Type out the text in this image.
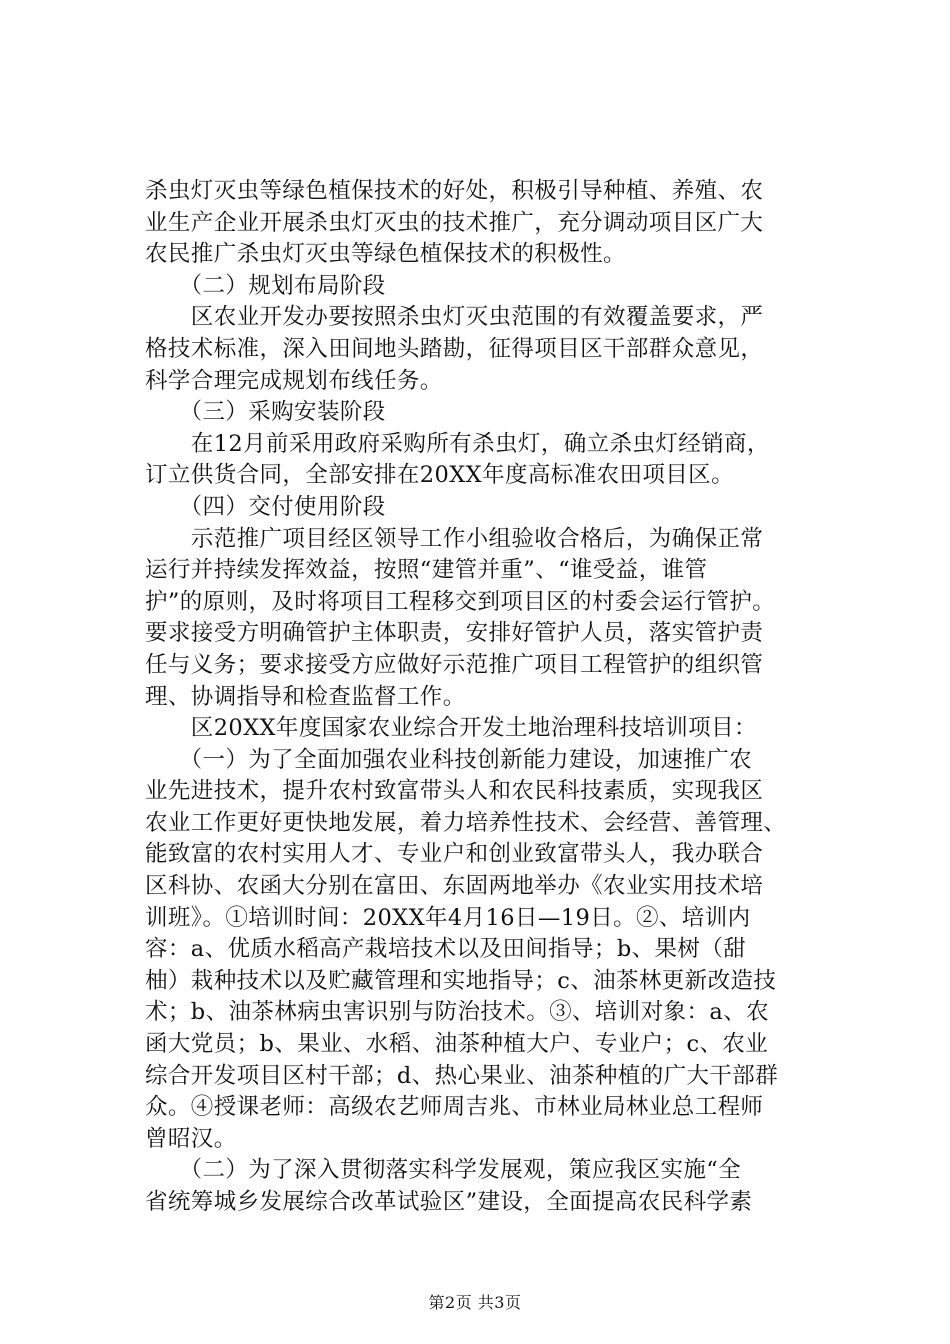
杀虫灯灭虫等绿色植保技术的好处，积极引导种植、养殖、农
业生产企业开展杀虫灯灭虫的技术推广，充分调动项目区广大
农民推广杀虫灯灭虫等绿色植保技术的积极性。
　　（二）规划布局阶段
　　区农业开发办要按照杀虫灯灭虫范围的有效覆盖要求，严
格技术标准，深入田间地头踏勘，征得项目区干部群众意见，
科学合理完成规划布线任务。
　　（三）采购安装阶段
　　在12月前采用政府采购所有杀虫灯，确立杀虫灯经销商，
订立供货合同，全部安排在20XX年度高标准农田项目区。
　　（四）交付使用阶段
　　示范推广项目经区领导工作小组验收合格后，为确保正常
运行并持续发挥效益，按照“建管并重”、“谁受益，谁管
护”的原则，及时将项目工程移交到项目区的村委会运行管护。
要求接受方明确管护主体职责，安排好管护人员，落实管护责
任与义务；要求接受方应做好示范推广项目工程管护的组织管
理、协调指导和检查监督工作。
　　区20XX年度国家农业综合开发土地治理科技培训项目：
　　（一）为了全面加强农业科技创新能力建设，加速推广农
业先进技术，提升农村致富带头人和农民科技素质，实现我区
农业工作更好更快地发展，着力培养性技术、会经营、善管理、
能致富的农村实用人才、专业户和创业致富带头人，我办联合
区科协、农函大分别在富田、东固两地举办《农业实用技术培
训班》。①培训时间：20XX年4月16日—19日。②、培训内
容：a、优质水稻高产栽培技术以及田间指导；b、果树（甜
柚）栽种技术以及贮藏管理和实地指导；c、油茶林更新改造技
术；b、油茶林病虫害识别与防治技术。③、培训对象：a、农
函大党员；b、果业、水稻、油茶种植大户、专业户；c、农业
综合开发项目区村干部；d、热心果业、油茶种植的广大干部群
众。④授课老师：高级农艺师周吉兆、市林业局林业总工程师
曾昭汉。
　　（二）为了深入贯彻落实科学发展观，策应我区实施“全
省统筹城乡发展综合改革试验区”建设，全面提高农民科学素
第2页 共3页
